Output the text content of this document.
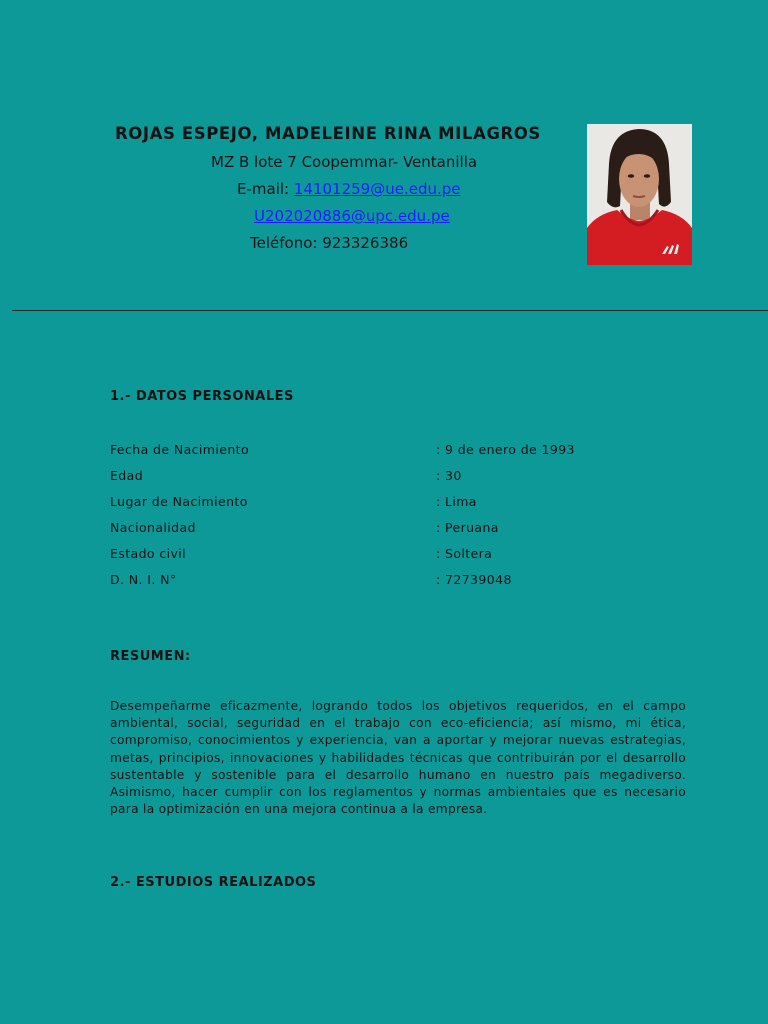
ROJAS ESPEJO, MADELEINE RINA MILAGROS
MZ B lote 7 Coopemmar- Ventanilla
E-mail: 14101259@ue.edu.pe
U202020886@upc.edu.pe
Teléfono: 923326386
1.- DATOS PERSONALES
Fecha de Nacimiento	: 9 de enero de 1993
Edad	: 30
Lugar de Nacimiento	: Lima
Nacionalidad	: Peruana
Estado civil	: Soltera
D. N. I. N°	: 72739048
RESUMEN:

Desempeñarme eficazmente, logrando todos los objetivos requeridos, en el campo ambiental, social, seguridad en el trabajo con eco-eficiencia; así mismo, mi ética, compromiso, conocimientos y experiencia, van a aportar y mejorar nuevas estrategias, metas, principios, innovaciones y habilidades técnicas que contribuirán por el desarrollo sustentable y sostenible para el desarrollo humano en nuestro país megadiverso. Asimismo, hacer cumplir con los reglamentos y normas ambientales que es necesario para la optimización en una mejora continua a la empresa.

2.- ESTUDIOS REALIZADOS
